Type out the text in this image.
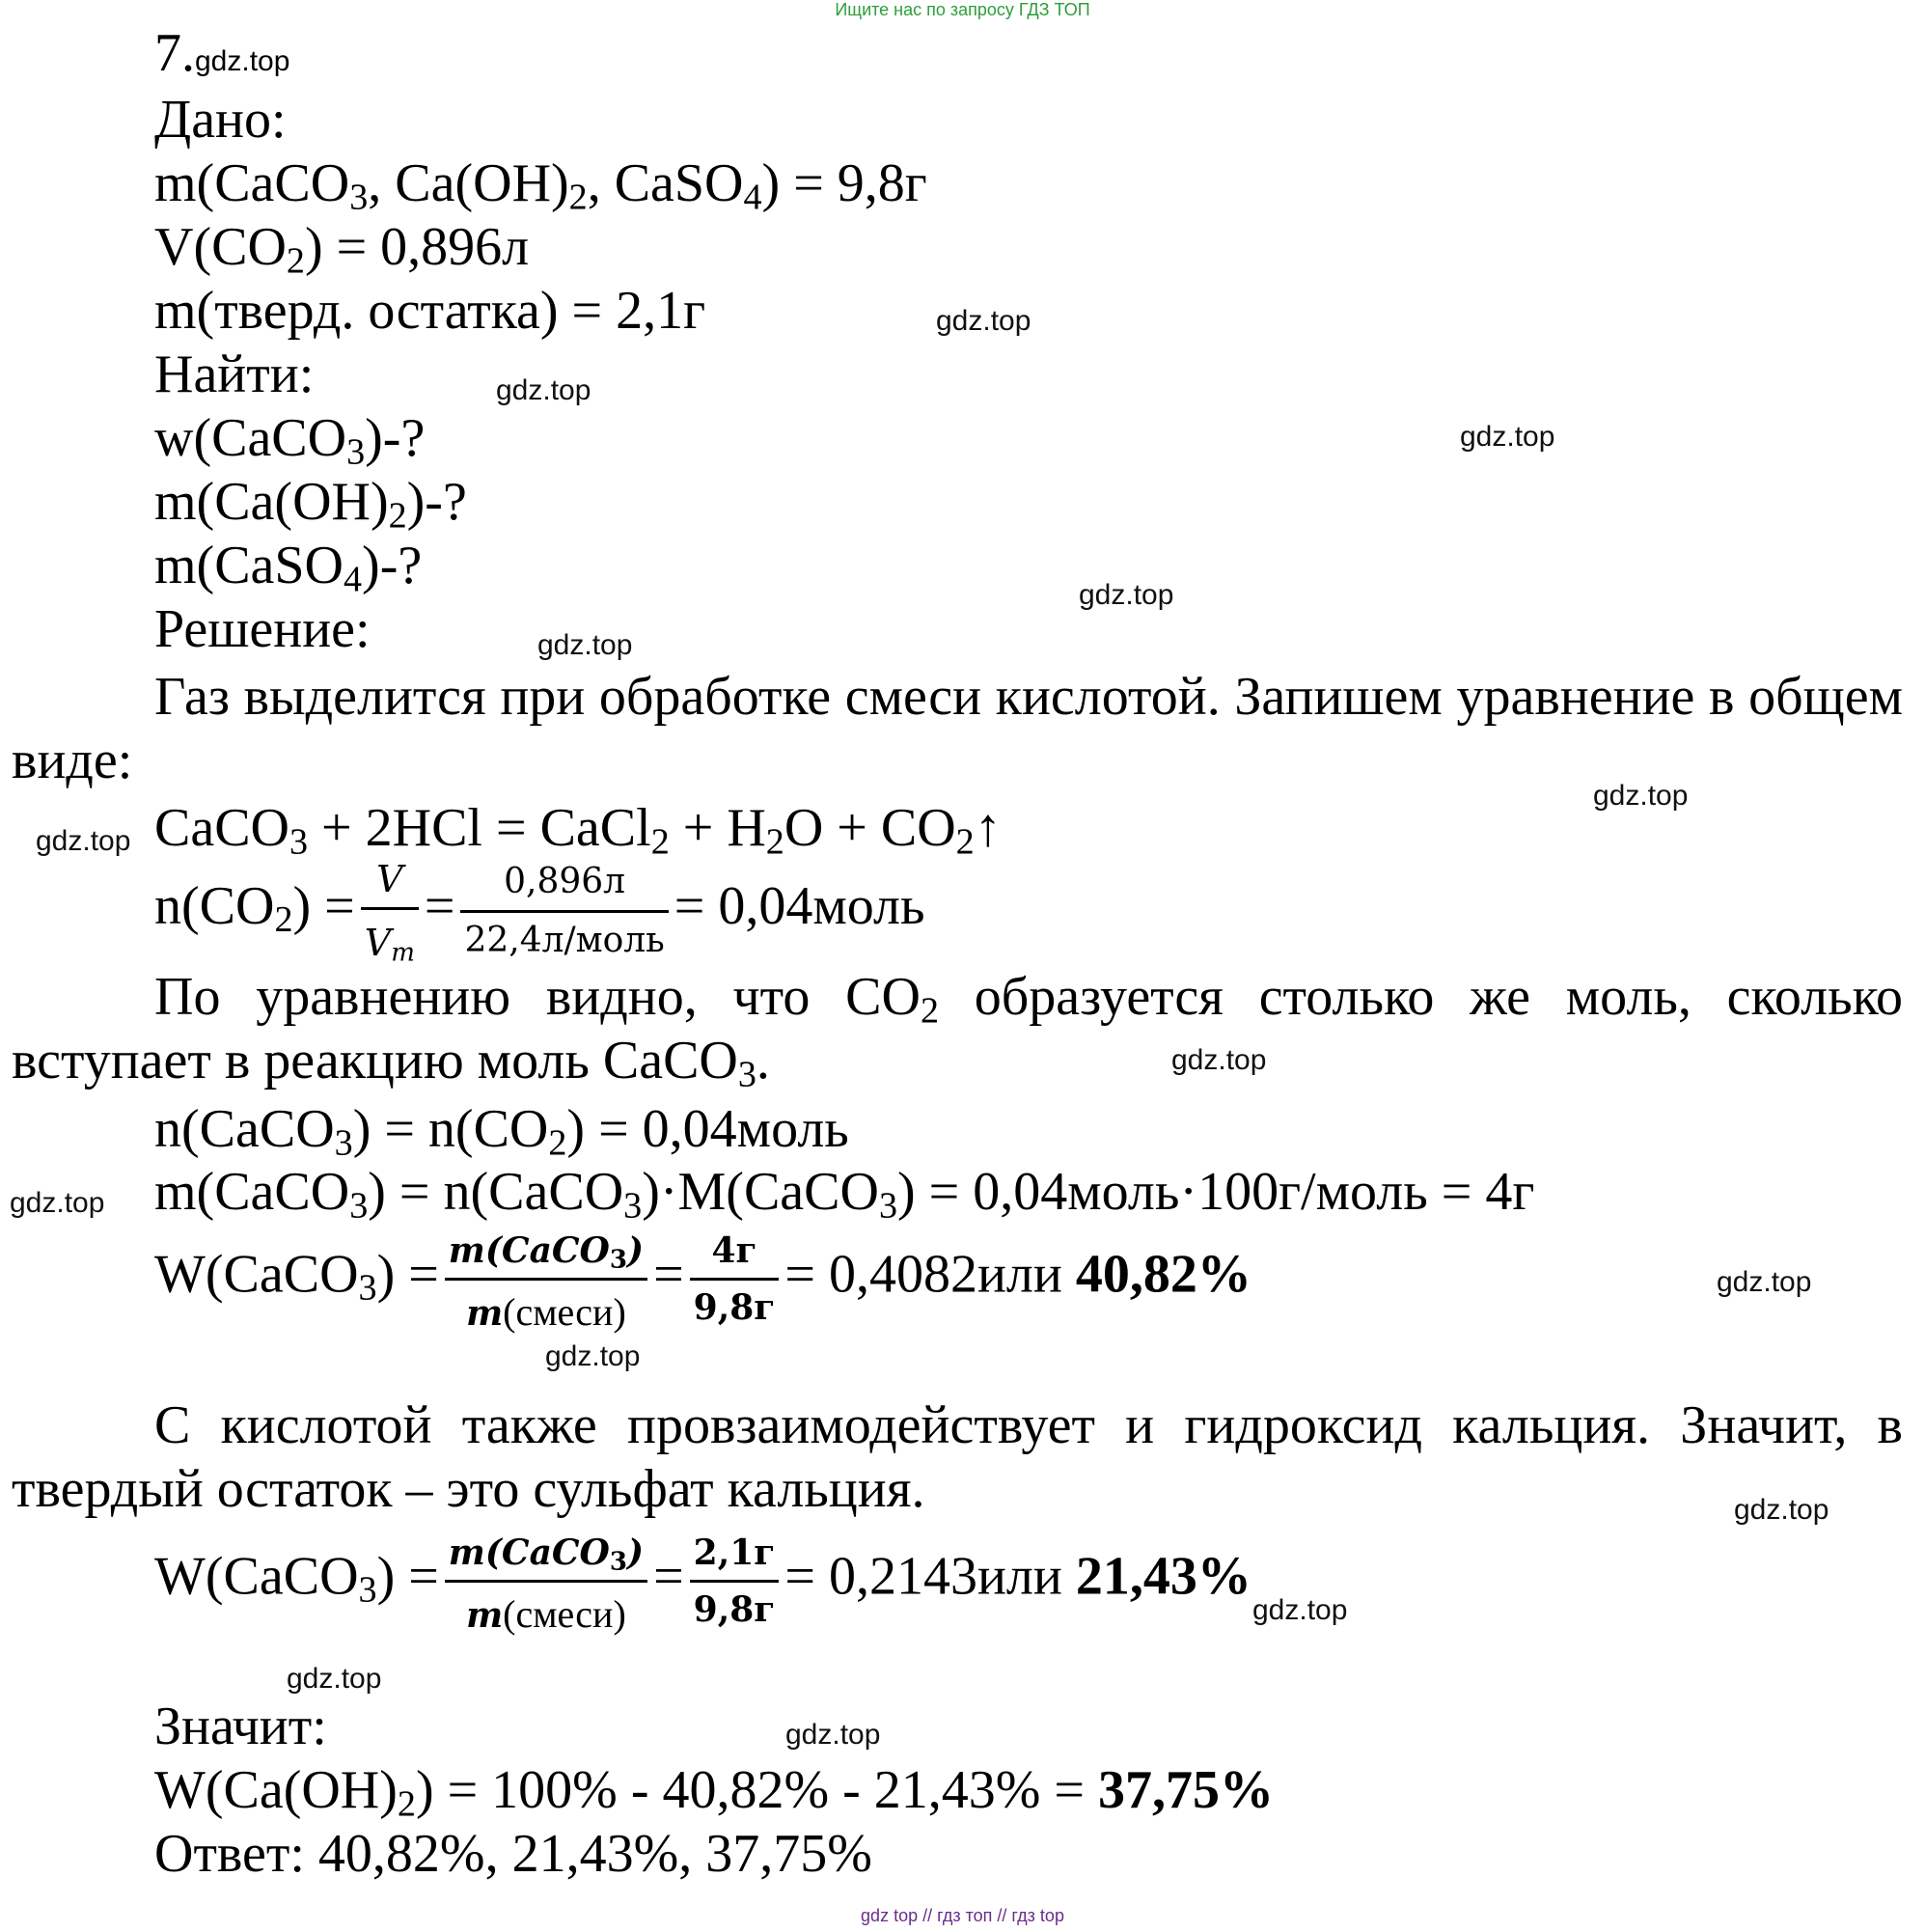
Ищите нас по запросу ГДЗ ТОП
7.gdz.top
Дано:
m(CaCO$_3$, $Ca(OH)_2$, CaSO$_4$) = 9,8г
$V(CO_2) = 0,896л$
m(тверд. остатка) = 2,1г
Найти:
w(CaCO$_3$)-?
$m(Ca(OH)_2)-$?
m(CaSO$_4$)-?
Решение:
Газ выделится при обработке смеси кислотой. Запишем уравнение в общем виде:
CaCO$_3$ + 2HCl = CaCl$_2$ + $H_2O$ + $CO_2↑$
$n(CO_2) = \frac{V}{V_m} = \frac{0,896л}{\text{22,4л/моль}}$ = 0,04моль
По уравнению видно, что $CO_2$ образуется столько же моль, сколько вступает в реакцию моль CaCO$_3$.
n(CaCO$_3$) = $n(CO_2)$ = 0,04моль
m(CaCO$_3$) = n(CaCO$_3$)·M(CaCO$_3$) = 0,04моль·100г/моль = 4г
W(CaCO$_3$) = $\frac{m(CaCO_3)}{\text{m(смеси)}} = \frac{4г}{9,8г} = 0,4082или$ 40,82%
С кислотой также провзаимодействует и гидроксид кальция. Значит, в твердый остаток – это сульфат кальция.
W(CaCO$_3$) = $\frac{m(CaCO_3)}{\text{m(смеси)}} = \frac{2,1г}{9,8г} = 0,2143или$ 21,43%
Значит:
$W(Ca(OH)_2) = 100\% - 40,82\% - 21,43\% = 37,75\%$
Ответ: 40,82%, 21,43%, 37,75%
gdz.top
gdz.top
gdz.top
gdz.top
gdz.top
gdz.top
gdz.top
gdz.top
gdz.top
gdz.top
gdz.top
gdz.top
gdz.top
gdz.top
gdz.top
gdz top // гдз топ // гдз top
